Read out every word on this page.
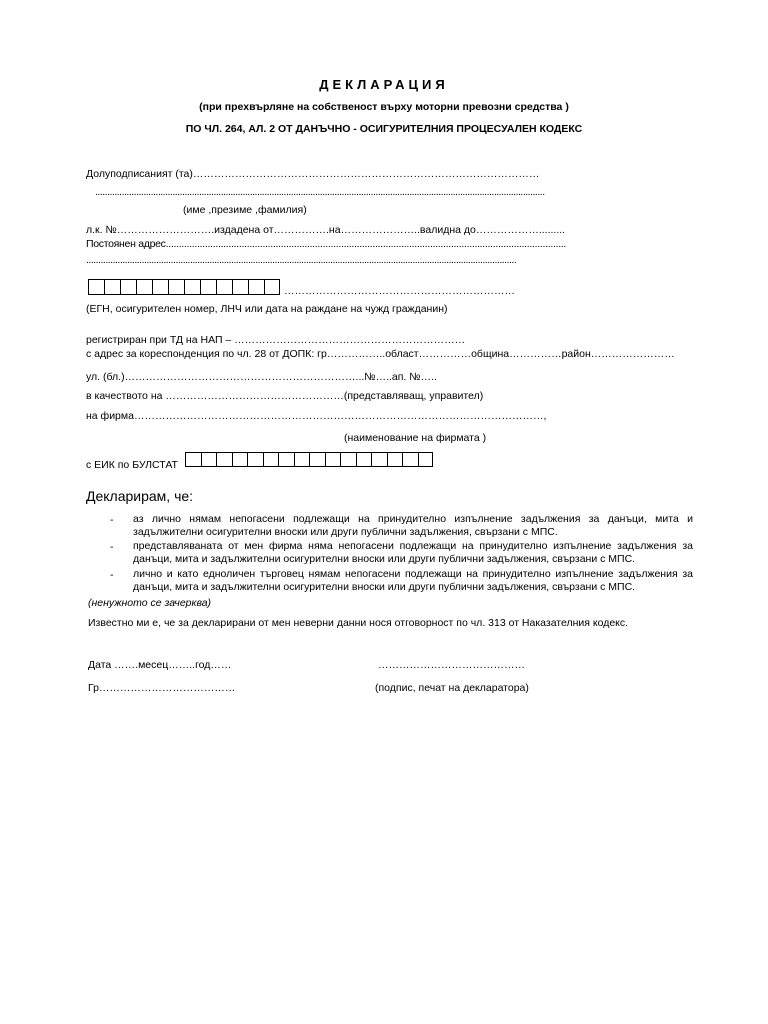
ДЕКЛАРАЦИЯ
(при прехвърляне на собственост върху моторни превозни средства )
ПО ЧЛ. 264, АЛ. 2 ОТ ДАНЪЧНО - ОСИГУРИТЕЛНИЯ ПРОЦЕСУАЛЕН КОДЕКС
Долуподписаният (та)………………………………………………………………………………………
..........................................................................................................................................................................................
(име ,презиме ,фамилия)
л.к. №……………………….издадена от…………….на…………………..валидна до……………….........
Постоянен адрес.........................................................................................................................................................
..................................................................................................................................................................................
…………………………………………………………
(ЕГН, осигурителен номер, ЛНЧ или дата на раждане на чужд гражданин)
регистриран при ТД на НАП – …………………………………………………………
с адрес за кореспонденция по чл. 28 от ДОПК: гр……………..област……………община……………район……………………
ул. (бл.)…………………………………………………………...№…..ап. №…..
в качеството на ……………………………………………(представляващ, управител)
на фирма………………………………………………………………………………………………………,
(наименование на фирмата )
с ЕИК по БУЛСТАТ
Декларирам, че:
- аз лично нямам непогасени подлежащи на принудително изпълнение задължения за данъци, мита и задължителни осигурителни вноски или други публични задължения, свързани с МПС.
- представляваната от мен фирма няма непогасени подлежащи на принудително изпълнение задължения за данъци, мита и задължителни осигурителни вноски или други публични задължения, свързани с МПС.
- лично и като едноличен търговец нямам непогасени подлежащи на принудително изпълнение задължения за данъци, мита и задължителни осигурителни вноски или други публични задължения, свързани с МПС.
(ненужното се зачерква)
Известно ми е, че за декларирани от мен неверни данни нося отговорност по чл. 313 от Наказателния кодекс.
Дата …….месец……..год……	……………………………………
Гр…………………………………	(подпис, печат на декларатора)
